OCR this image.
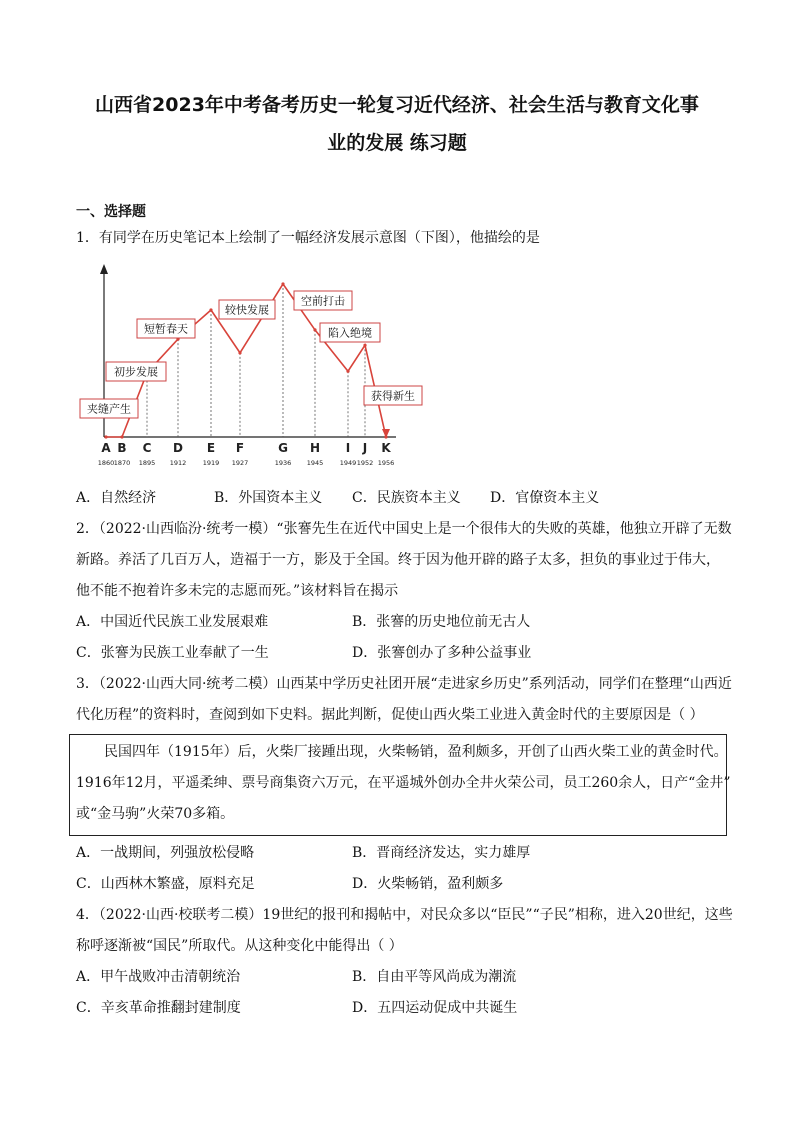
山西省2023年中考备考历史一轮复习近代经济、社会生活与教育文化事
业的发展 练习题
一、选择题
1．有同学在历史笔记本上绘制了一幅经济发展示意图（下图），他描绘的是
A
1860
B
1870
C
1895
D
1912
E
1919
F
1927
G
1936
H
1945
I
1949
J
1952
K
1956
夹缝产生
初步发展
短暂春天
较快发展
空前打击
陷入绝境
获得新生
A．自然经济	B．外国资本主义 C．民族资本主义 D．官僚资本主义
2．（2022·山西临汾·统考一模）“张謇先生在近代中国史上是一个很伟大的失败的英雄，他独立开辟了无数
新路。养活了几百万人，造福于一方，影及于全国。终于因为他开辟的路子太多，担负的事业过于伟大，
他不能不抱着许多未完的志愿而死。”该材料旨在揭示
A．中国近代民族工业发展艰难	B．张謇的历史地位前无古人
C．张謇为民族工业奉献了一生	D．张謇创办了多种公益事业
3．（2022·山西大同·统考二模）山西某中学历史社团开展“走进家乡历史”系列活动，同学们在整理“山西近
代化历程”的资料时，查阅到如下史料。据此判断，促使山西火柴工业进入黄金时代的主要原因是（ ）
民国四年（1915年）后，火柴厂接踵出现，火柴畅销，盈利颇多，开创了山西火柴工业的黄金时代。
1916年12月，平遥柔绅、票号商集资六万元，在平遥城外创办全井火荣公司，员工260余人，日产“金井”
或“金马驹”火荣70多箱。
A．一战期间，列强放松侵略	B．晋商经济发达，实力雄厚
C．山西林木繁盛，原料充足	D．火柴畅销，盈利颇多
4．（2022·山西·校联考二模）19世纪的报刊和揭帖中，对民众多以“臣民”“子民”相称，进入20世纪，这些
称呼逐渐被“国民”所取代。从这种变化中能得出（ ）
A．甲午战败冲击清朝统治	B．自由平等风尚成为潮流
C．辛亥革命推翻封建制度	D．五四运动促成中共诞生
